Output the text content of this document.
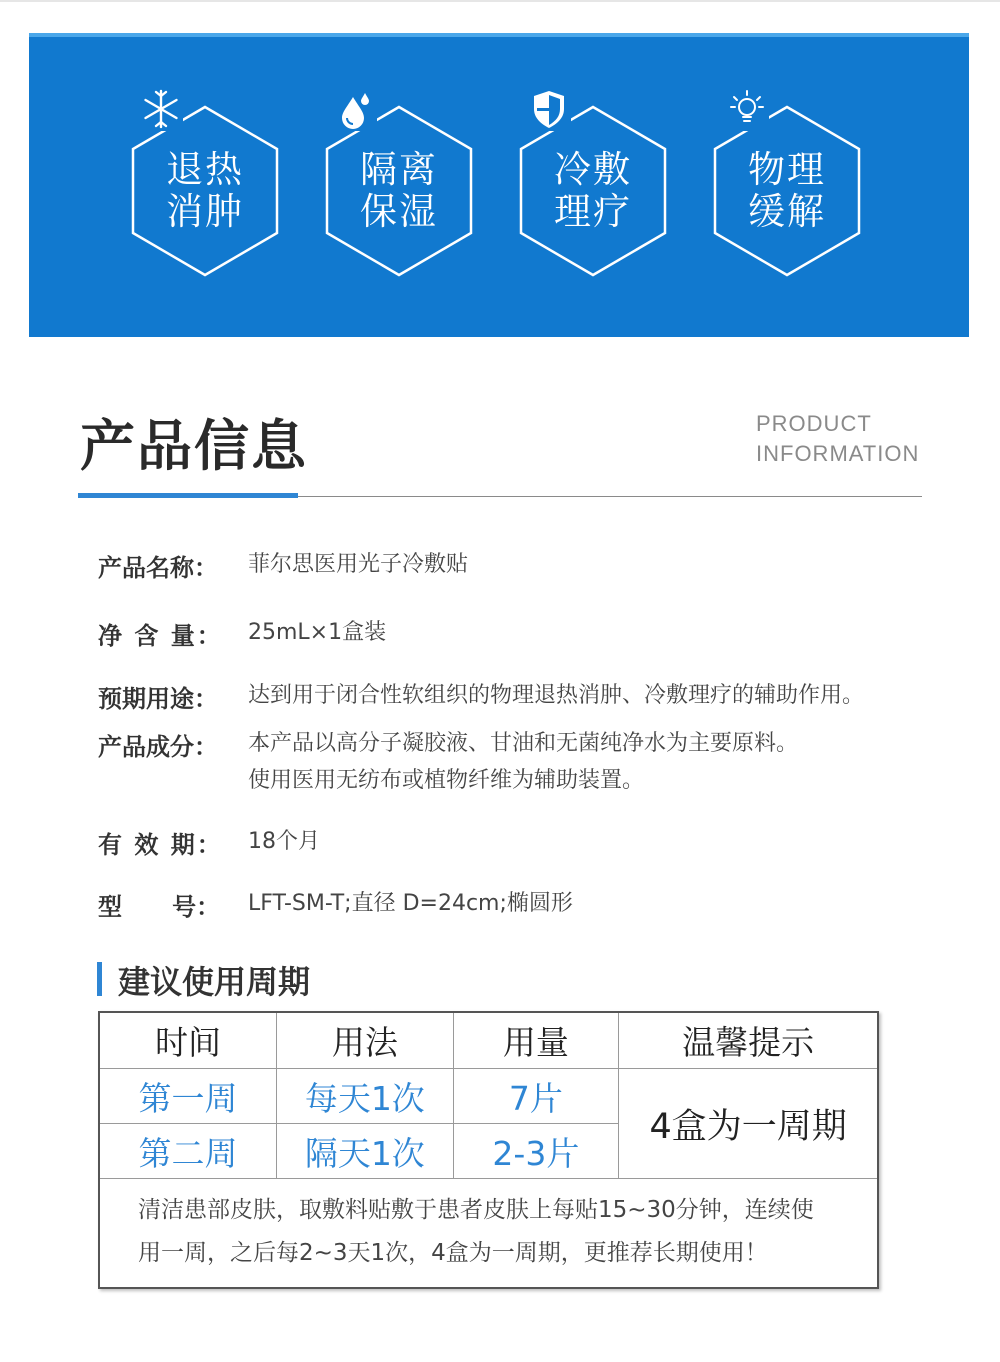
退热
消肿
隔离
保湿
冷敷
理疗
物理
缓解
产品信息	PRODUCT
INFORMATION
产品名称：	菲尔思医用光子冷敷贴
净 含 量：	25mL×1盒装
预期用途：	达到用于闭合性软组织的物理退热消肿、冷敷理疗的辅助作用。
产品成分：	本产品以高分子凝胶液、甘油和无菌纯净水为主要原料。
使用医用无纺布或植物纤维为辅助装置。
有 效 期：	18个月
型      号：	LFT-SM-T;直径 D=24cm;椭圆形
建议使用周期
时间	用法	用量	温馨提示
第一周	每天1次	7片	4盒为一周期
第二周	隔天1次	2-3片	

清洁患部皮肤，取敷料贴敷于患者皮肤上每贴15~30分钟，连续使
用一周，之后每2~3天1次，4盒为一周期，更推荐长期使用！			
